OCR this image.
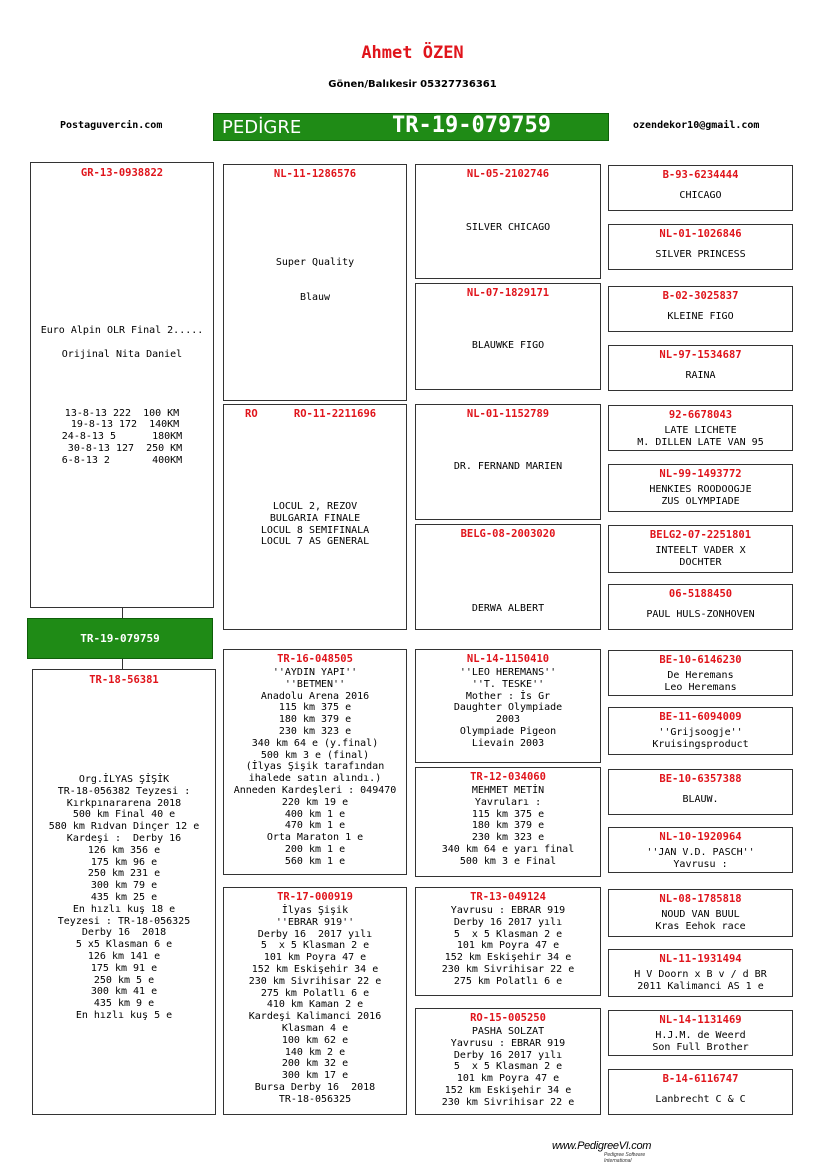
Ahmet ÖZEN
Gönen/Balıkesir 05327736361
Postaguvercin.com	PEDİGRE	TR-19-079759	ozendekor10@gmail.com
GR-13-0938822
Euro Alpin OLR Final 2.....

Orijinal Nita Daniel

13-8-13 222  100 KM
19-8-13 172  140KM
24-8-13 5      180KM
30-8-13 127  250 KM
6-8-13 2       400KM
TR-19-079759
TR-18-56381
Org.İLYAS ŞİŞİK
TR-18-056382 Teyzesi :
Kırkpınararena 2018
500 km Final 40 e
580 km Rıdvan Dinçer 12 e
Kardeşi :  Derby 16
126 km 356 e
175 km 96 e
250 km 231 e
300 km 79 e
435 km 25 e
En hızlı kuş 18 e
Teyzesi : TR-18-056325
Derby 16  2018
5 x5 Klasman 6 e
126 km 141 e
175 km 91 e
250 km 5 e
300 km 41 e
435 km 9 e
En hızlı kuş 5 e
NL-11-1286576
Super Quality

Blauw
RO-11-2211696
RO
LOCUL 2, REZOV
BULGARIA FINALE
LOCUL 8 SEMIFINALA
LOCUL 7 AS GENERAL
TR-16-048505
''AYDIN YAPI''
''BETMEN''
Anadolu Arena 2016
115 km 375 e
180 km 379 e
230 km 323 e
340 km 64 e (y.final)
500 km 3 e (final)
(İlyas Şişik tarafından
ihalede satın alındı.)
Anneden Kardeşleri : 049470
220 km 19 e
400 km 1 e
470 km 1 e
Orta Maraton 1 e
200 km 1 e
560 km 1 e
TR-17-000919
İlyas Şişik
''EBRAR 919''
Derby 16  2017 yılı
5  x 5 Klasman 2 e
101 km Poyra 47 e
152 km Eskişehir 34 e
230 km Sivrihisar 22 e
275 km Polatlı 6 e
410 km Kaman 2 e
Kardeşi Kalimanci 2016
Klasman 4 e
100 km 62 e
140 km 2 e
200 km 32 e
300 km 17 e
Bursa Derby 16  2018
TR-18-056325
NL-05-2102746
SILVER CHICAGO
NL-07-1829171
BLAUWKE FIGO
NL-01-1152789
DR. FERNAND MARIEN
BELG-08-2003020
DERWA ALBERT
NL-14-1150410
''LEO HEREMANS''
''T. TESKE''
Mother : İs Gr
Daughter Olympiade
2003
Olympiade Pigeon
Lievain 2003
TR-12-034060
MEHMET METİN
Yavruları :
115 km 375 e
180 km 379 e
230 km 323 e
340 km 64 e yarı final
500 km 3 e Final
TR-13-049124
Yavrusu : EBRAR 919
Derby 16 2017 yılı
5  x 5 Klasman 2 e
101 km Poyra 47 e
152 km Eskişehir 34 e
230 km Sivrihisar 22 e
275 km Polatlı 6 e
RO-15-005250
PASHA SOLZAT
Yavrusu : EBRAR 919
Derby 16 2017 yılı
5  x 5 Klasman 2 e
101 km Poyra 47 e
152 km Eskişehir 34 e
230 km Sivrihisar 22 e
B-93-6234444
CHICAGO
NL-01-1026846
SILVER PRINCESS
B-02-3025837
KLEINE FIGO
NL-97-1534687
RAINA
92-6678043
LATE LICHETE
M. DILLEN LATE VAN 95
NL-99-1493772
HENKIES ROODOOGJE
ZUS OLYMPIADE
BELG2-07-2251801
INTEELT VADER X
DOCHTER
06-5188450
PAUL HULS-ZONHOVEN
BE-10-6146230
De Heremans
Leo Heremans
BE-11-6094009
''Grijsoogje''
Kruisingsproduct
BE-10-6357388
BLAUW.
NL-10-1920964
''JAN V.D. PASCH''
Yavrusu :
NL-08-1785818
NOUD VAN BUUL
Kras Eehok race
NL-11-1931494
H V Doorn x B v / d BR
2011 Kalimanci AS 1 e
NL-14-1131469
H.J.M. de Weerd
Son Full Brother
B-14-6116747
Lanbrecht C & C
www.PedigreeVI.com
Pedigree Software International
